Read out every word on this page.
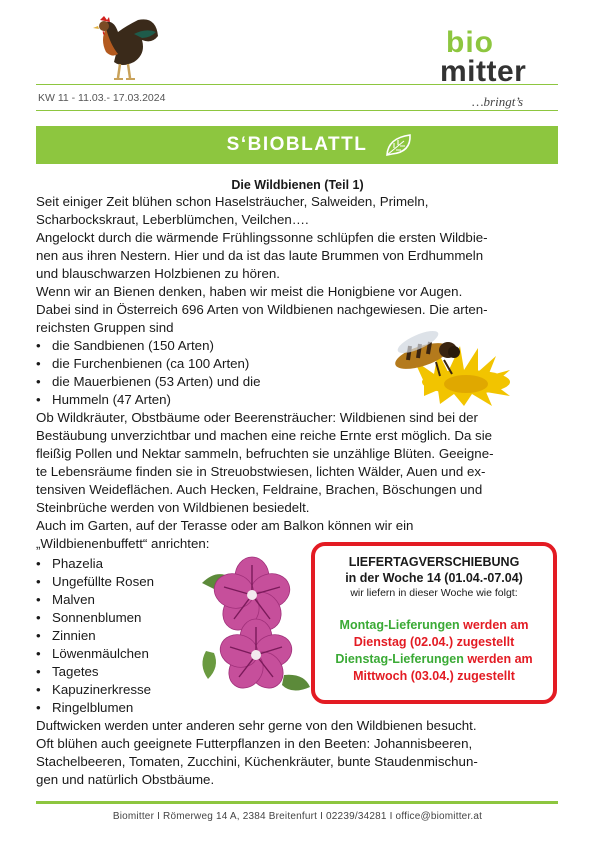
KW 11 - 11.03.- 17.03.2024
bio
mitter
…bringt’s
S‘BIOBLATTL
Die Wildbienen (Teil 1)
Seit einiger Zeit blühen schon Haselsträucher, Salweiden, Primeln,
Scharbockskraut, Leberblümchen, Veilchen….
Angelockt durch die wärmende Frühlingssonne schlüpfen die ersten Wildbie-
nen aus ihren Nestern. Hier und da ist das laute Brummen von Erdhummeln
und blauschwarzen Holzbienen zu hören.
Wenn wir an Bienen denken, haben wir meist die Honigbiene vor Augen.
Dabei sind in Österreich 696 Arten von Wildbienen nachgewiesen. Die arten-
reichsten Gruppen sind
• die Sandbienen (150 Arten)
• die Furchenbienen (ca 100 Arten)
• die Mauerbienen (53 Arten) und die
• Hummeln (47 Arten)
Ob Wildkräuter, Obstbäume oder Beerensträucher: Wildbienen sind bei der
Bestäubung unverzichtbar und machen eine reiche Ernte erst möglich. Da sie
fleißig Pollen und Nektar sammeln, befruchten sie unzählige Blüten. Geeigne-
te Lebensräume finden sie in Streuobstwiesen, lichten Wälder, Auen und ex-
tensiven Weideflächen. Auch Hecken, Feldraine, Brachen, Böschungen und
Steinbrüche werden von Wildbienen besiedelt.
Auch im Garten, auf der Terasse oder am Balkon können wir ein
„Wildbienenbuffett“ anrichten:
• Phazelia
• Ungefüllte Rosen
• Malven
• Sonnenblumen
• Zinnien
• Löwenmäulchen
• Tagetes
• Kapuzinerkresse
• Ringelblumen
LIEFERTAGVERSCHIEBUNG
in der Woche 14 (01.04.-07.04)
wir liefern in dieser Woche wie folgt:
Montag-Lieferungen werden am
Dienstag (02.04.) zugestellt
Dienstag-Lieferungen werden am
Mittwoch (03.04.) zugestellt
Duftwicken werden unter anderen sehr gerne von den Wildbienen besucht.
Oft blühen auch geeignete Futterpflanzen in den Beeten: Johannisbeeren,
Stachelbeeren, Tomaten, Zucchini, Küchenkräuter, bunte Staudenmischun-
gen und natürlich Obstbäume.
Biomitter I Römerweg 14 A, 2384 Breitenfurt I 02239/34281 I office@biomitter.at
